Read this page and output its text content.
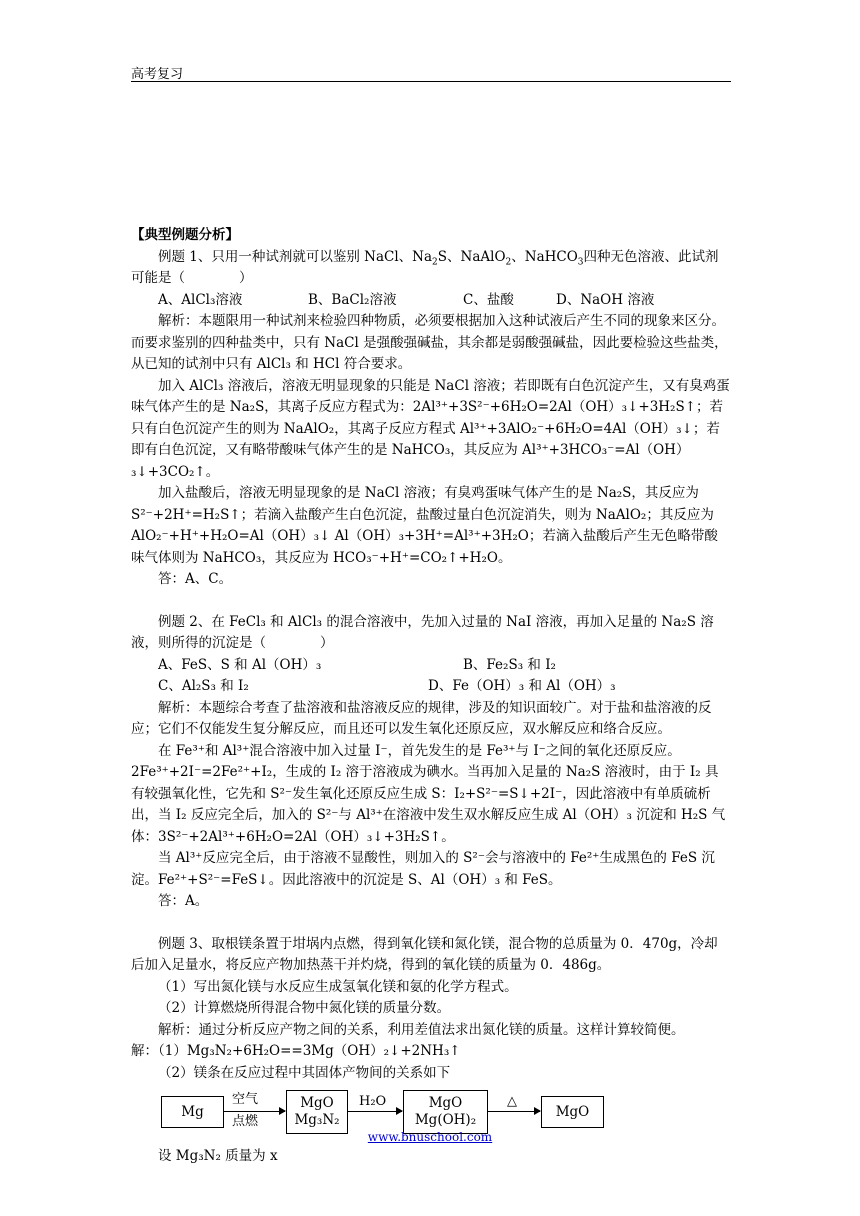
高考复习

【典型例题分析】

例题 1、只用一种试剂就可以鉴别 NaCl、$Na_2S$、NaAlO$_2$、NaHCO$_3$四种无色溶液、此试剂可能是（　　　　）

A、AlCl₃溶液	B、BaCl₂溶液	C、盐酸	D、NaOH 溶液

解析：本题限用一种试剂来检验四种物质，必须要根据加入这种试液后产生不同的现象来区分。而要求鉴别的四种盐类中，只有 NaCl 是强酸强碱盐，其余都是弱酸强碱盐，因此要检验这些盐类，从已知的试剂中只有 AlCl₃ 和 HCl 符合要求。

加入 AlCl₃ 溶液后，溶液无明显现象的只能是 NaCl 溶液；若即既有白色沉淀产生，又有臭鸡蛋味气体产生的是 Na₂S，其离子反应方程式为：2Al³⁺+3S²⁻+6H₂O=2Al（OH）₃↓+3H₂S↑；若只有白色沉淀产生的则为 NaAlO₂，其离子反应方程式 Al³⁺+3AlO₂⁻+6H₂O=4Al（OH）₃↓；若即有白色沉淀，又有略带酸味气体产生的是 NaHCO₃，其反应为 Al³⁺+3HCO₃⁻=Al（OH）₃↓+3CO₂↑。

加入盐酸后，溶液无明显现象的是 NaCl 溶液；有臭鸡蛋味气体产生的是 Na₂S，其反应为 S²⁻+2H⁺=H₂S↑；若滴入盐酸产生白色沉淀，盐酸过量白色沉淀消失，则为 NaAlO₂；其反应为 AlO₂⁻+H⁺+H₂O=Al（OH）₃↓ Al（OH）₃+3H⁺=Al³⁺+3H₂O；若滴入盐酸后产生无色略带酸味气体则为 NaHCO₃，其反应为 HCO₃⁻+H⁺=CO₂↑+H₂O。

答：A、C。

例题 2、在 FeCl₃ 和 AlCl₃ 的混合溶液中，先加入过量的 NaI 溶液，再加入足量的 Na₂S 溶液，则所得的沉淀是（　　　　）

A、FeS、S 和 Al（OH）₃	B、Fe₂S₃ 和 I₂
C、Al₂S₃ 和 I₂	D、Fe（OH）₃ 和 Al（OH）₃

解析：本题综合考查了盐溶液和盐溶液反应的规律，涉及的知识面较广。对于盐和盐溶液的反应；它们不仅能发生复分解反应，而且还可以发生氧化还原反应，双水解反应和络合反应。

在 Fe³⁺和 Al³⁺混合溶液中加入过量 I⁻，首先发生的是 Fe³⁺与 I⁻之间的氧化还原反应。2Fe³⁺+2I⁻=2Fe²⁺+I₂，生成的 I₂ 溶于溶液成为碘水。当再加入足量的 Na₂S 溶液时，由于 I₂ 具有较强氧化性，它先和 S²⁻发生氧化还原反应生成 S：I₂+S²⁻=S↓+2I⁻，因此溶液中有单质硫析出，当 I₂ 反应完全后，加入的 S²⁻与 Al³⁺在溶液中发生双水解反应生成 Al（OH）₃ 沉淀和 H₂S 气体：3S²⁻+2Al³⁺+6H₂O=2Al（OH）₃↓+3H₂S↑。

当 Al³⁺反应完全后，由于溶液不显酸性，则加入的 S²⁻会与溶液中的 Fe²⁺生成黑色的 FeS 沉淀。Fe²⁺+S²⁻=FeS↓。因此溶液中的沉淀是 S、Al（OH）₃ 和 FeS。

答：A。

例题 3、取根镁条置于坩埚内点燃，得到氧化镁和氮化镁，混合物的总质量为 0．470g，冷却后加入足量水，将反应产物加热蒸干并灼烧，得到的氧化镁的质量为 0．486g。

（1）写出氮化镁与水反应生成氢氧化镁和氨的化学方程式。

（2）计算燃烧所得混合物中氮化镁的质量分数。

解析：通过分析反应产物之间的关系，利用差值法求出氮化镁的质量。这样计算较简便。

解：（1）Mg₃N₂+6H₂O==3Mg（OH）₂↓+2NH₃↑

（2）镁条在反应过程中其固体产物间的关系如下

Mg
空气
点燃
MgO
Mg₃N₂
H₂O	MgO
Mg(OH)₂
△
MgO

设 Mg₃N₂ 质量为 x

www.bnuschool.com
